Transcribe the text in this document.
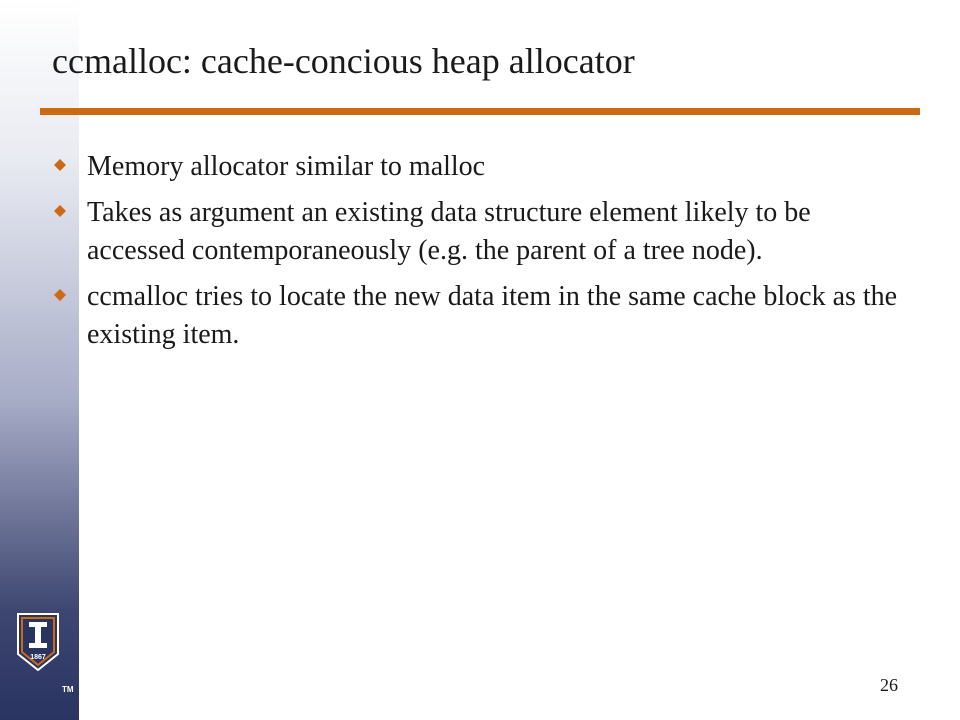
1867
TM
ccmalloc: cache-concious heap allocator
Memory allocator similar to malloc
Takes as argument an existing data structure element likely to be accessed contemporaneously (e.g. the parent of a tree node).
ccmalloc tries to locate the new data item in the same cache block as the existing item.
26
